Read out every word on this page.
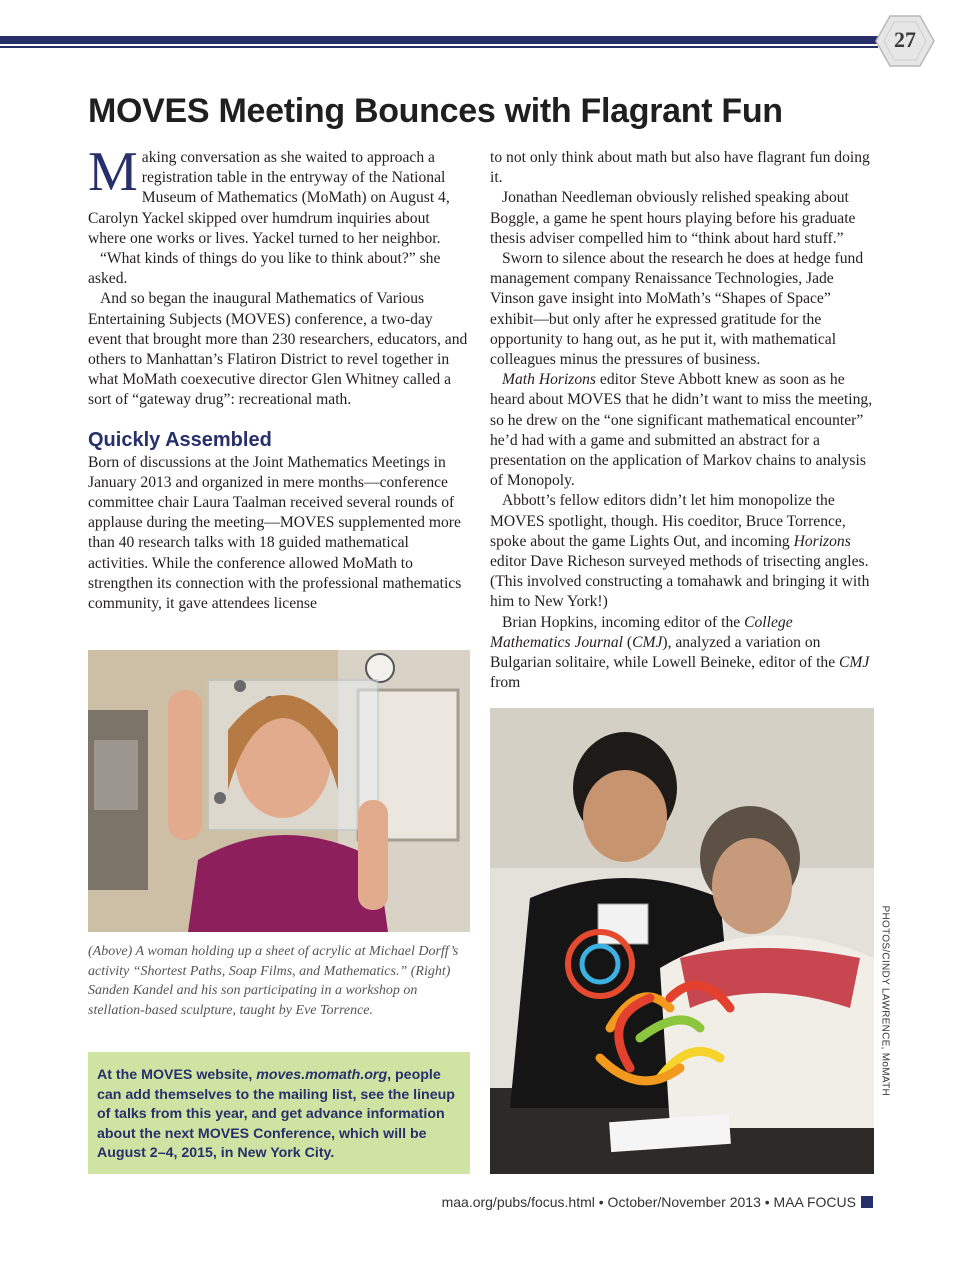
27
MOVES Meeting Bounces with Flagrant Fun

Making conversation as she waited to approach a registration table in the entryway of the National Museum of Mathematics (MoMath) on August 4, Carolyn Yackel skipped over humdrum inquiries about where one works or lives. Yackel turned to her neighbor.

“What kinds of things do you like to think about?” she asked.

And so began the inaugural Mathematics of Various Entertaining Subjects (MOVES) conference, a two-day event that brought more than 230 researchers, educators, and others to Manhattan’s Flatiron District to revel together in what MoMath coexecutive director Glen Whitney called a sort of “gateway drug”: recreational math.

Quickly Assembled

Born of discussions at the Joint Mathematics Meetings in January 2013 and organized in mere months—conference committee chair Laura Taalman received several rounds of applause during the meeting—MOVES supplemented more than 40 research talks with 18 guided mathematical activities. While the conference allowed MoMath to strengthen its connection with the professional mathematics community, it gave attendees license

to not only think about math but also have flagrant fun doing it.

Jonathan Needleman obviously relished speaking about Boggle, a game he spent hours playing before his graduate thesis adviser compelled him to “think about hard stuff.”

Sworn to silence about the research he does at hedge fund management company Renaissance Technologies, Jade Vinson gave insight into MoMath’s “Shapes of Space” exhibit—but only after he expressed gratitude for the opportunity to hang out, as he put it, with mathematical colleagues minus the pressures of business.

Math Horizons editor Steve Abbott knew as soon as he heard about MOVES that he didn’t want to miss the meeting, so he drew on the “one significant mathematical encounter” he’d had with a game and submitted an abstract for a presentation on the application of Markov chains to analysis of Monopoly.

Abbott’s fellow editors didn’t let him monopolize the MOVES spotlight, though. His coeditor, Bruce Torrence, spoke about the game Lights Out, and incoming Horizons editor Dave Richeson surveyed methods of trisecting angles. (This involved constructing a tomahawk and bringing it with him to New York!)

Brian Hopkins, incoming editor of the College Mathematics Journal (CMJ), analyzed a variation on Bulgarian solitaire, while Lowell Beineke, editor of the CMJ from

(Above) A woman holding up a sheet of acrylic at Michael Dorff’s activity “Shortest Paths, Soap Films, and Mathematics.” (Right) Sanden Kandel and his son participating in a workshop on stellation-based sculpture, taught by Eve Torrence.

At the MOVES website, moves.momath.org, people can add themselves to the mailing list, see the lineup of talks from this year, and get advance information about the next MOVES Conference, which will be August 2–4, 2015, in New York City.

PHOTOS/CINDY LAWRENCE, MoMATH
maa.org/pubs/focus.html • October/November 2013 • MAA FOCUS
